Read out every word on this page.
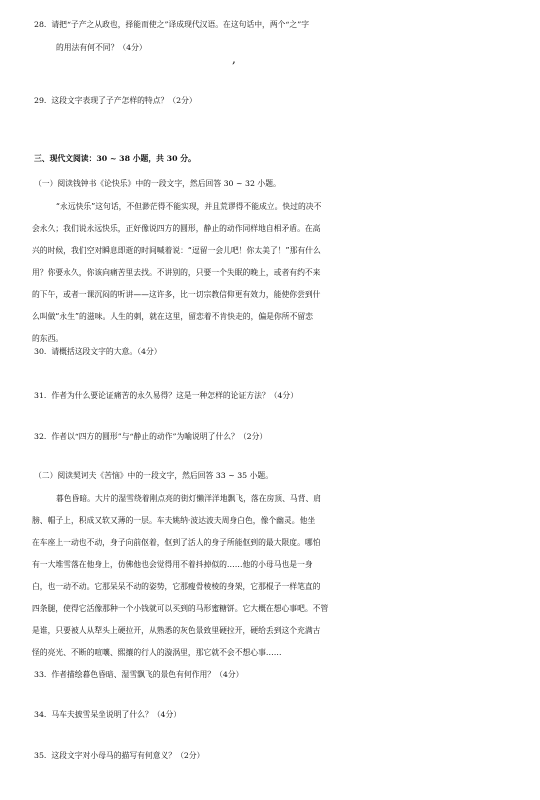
28.  请把“子产之从政也，择能而使之”译成现代汉语。在这句话中，两个“之”字
的用法有何不同？（4分）
,
29.  这段文字表现了子产怎样的特点？（2分）
三、现代文阅读：30 ~ 38 小题，共 30 分。
（一）阅读钱钟书《论快乐》中的一段文字，然后回答 30 ~ 32 小题。
“永远快乐”这句话，不但渺茫得不能实现，并且荒谬得不能成立。快过的决不
会永久；我们说永远快乐，正好像说四方的圆形，静止的动作同样地自相矛盾。在高
兴的时候，我们空对瞬息即逝的时间喊着说：“逗留一会儿吧！你太美了！”那有什么
用？你要永久，你该向痛苦里去找。不讲别的，只要一个失眠的晚上，或者有约不来
的下午，或者一课沉闷的听讲——这许多，比一切宗教信仰更有效力，能使你尝到什
么叫做“永生”的滋味。人生的刺，就在这里，留恋着不肯快走的，偏是你所不留恋
的东西。
30.  请概括这段文字的大意。（4分）
31.  作者为什么要论证痛苦的永久易得？这是一种怎样的论证方法？（4分）
32.  作者以“四方的圆形”与“静止的动作”为喻说明了什么？（2分）
（二）阅读契诃夫《苦恼》中的一段文字，然后回答 33 ~ 35 小题。
暮色昏暗。大片的湿雪绕着刚点亮的街灯懒洋洋地飘飞，落在房顶、马背、肩
膀、帽子上，积成又软又薄的一层。车夫姚纳·波达波夫周身白色，像个幽灵。他坐
在车座上一动也不动，身子向前伛着，伛到了活人的身子所能伛到的最大限度。哪怕
有一大堆雪落在他身上，仿佛他也会觉得用不着抖掉似的……他的小母马也是一身
白，也一动不动。它那呆呆不动的姿势，它那瘦骨棱棱的身架，它那棍子一样笔直的
四条腿，使得它活像那种一个小钱就可以买到的马形蜜糖饼。它大概在想心事吧。不管
是谁，只要被人从犁头上硬拉开，从熟悉的灰色景致里硬拉开，硬给丢到这个充满古
怪的亮光、不断的喧嚷、熙攘的行人的漩涡里，那它就不会不想心事……
33.  作者描绘暮色昏暗、湿雪飘飞的景色有何作用？（4分）
34.  马车夫披雪呆坐说明了什么？（4分）
35.  这段文字对小母马的描写有何意义？（2分）
